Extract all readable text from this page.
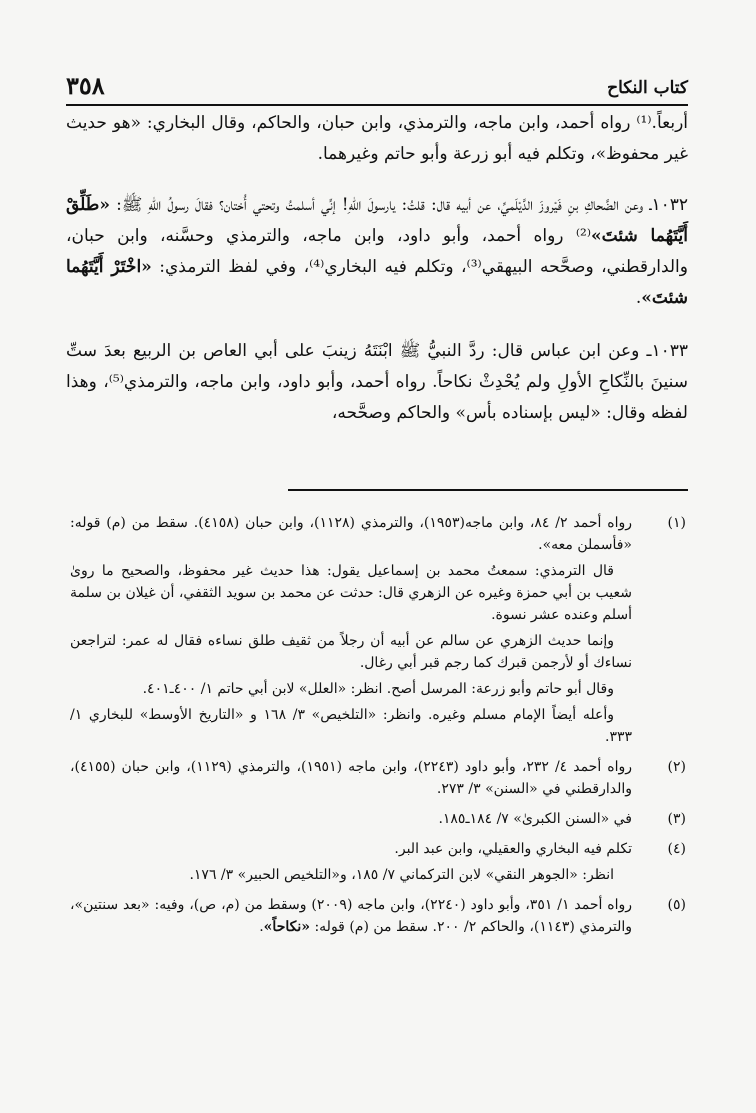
كتاب النكاح
٣٥٨

أربعاً.⁽¹⁾ رواه أحمد، وابن ماجه، والترمذي، وابن حبان، والحاكم، وقال البخاري: «هو حديث غير محفوظ»، وتكلم فيه أبو زرعة وأبو حاتم وغيرهما.

١٠٣٢ـ وعن الضَّحاكِ بنِ فَيْروزَ الدَّيْلَميِّ، عن أبيه قال: قلتُ: يارسولَ اللهِ! إنِّي أسلمتُ وتحتي أُختان؟ فقالَ رسولُ اللهِ ﷺ: «طَلِّقْ أَيَّتَهُما شئتَ»⁽²⁾ رواه أحمد، وأبو داود، وابن ماجه، والترمذي وحسَّنه، وابن حبان، والدارقطني، وصحَّحه البيهقي⁽³⁾، وتكلم فيه البخاري⁽⁴⁾، وفي لفظ الترمذي: «اخْتَرْ أَيَّتَهُما شئتَ».

١٠٣٣ـ وعن ابن عباس قال: ردَّ النبيُّ ﷺ ابْنَتَهُ زينبَ على أبي العاص بن الربيع بعدَ ستِّ سنينَ بالنِّكاحِ الأولِ ولم يُحْدِثْ نكاحاً. رواه أحمد، وأبو داود، وابن ماجه، والترمذي⁽⁵⁾، وهذا لفظه وقال: «ليس بإسناده بأس» والحاكم وصحَّحه،

(١)

رواه أحمد ٢/ ٨٤، وابن ماجه(١٩٥٣)، والترمذي (١١٢٨)، وابن حبان (٤١٥٨). سقط من (م) قوله: «فأسملن معه».

قال الترمذي: سمعتُ محمد بن إسماعيل يقول: هذا حديث غير محفوظ، والصحيح ما روىٰ شعيب بن أبي حمزة وغيره عن الزهري قال: حدثت عن محمد بن سويد الثقفي، أن غيلان بن سلمة أسلم وعنده عشر نسوة.

وإنما حديث الزهري عن سالم عن أبيه أن رجلاً من ثقيف طلق نساءه فقال له عمر: لتراجعن نساءك أو لأرجمن قبرك كما رجم قبر أبي رغال.

وقال أبو حاتم وأبو زرعة: المرسل أصح. انظر: «العلل» لابن أبي حاتم ١/ ٤٠٠ـ٤٠١.

وأعله أيضاً الإمام مسلم وغيره. وانظر: «التلخيص» ٣/ ١٦٨ و «التاريخ الأوسط» للبخاري ١/ ٣٣٣.

(٢)

رواه أحمد ٤/ ٢٣٢، وأبو داود (٢٢٤٣)، وابن ماجه (١٩٥١)، والترمذي (١١٢٩)، وابن حبان (٤١٥٥)، والدارقطني في «السنن» ٣/ ٢٧٣.

(٣)

في «السنن الكبرىٰ» ٧/ ١٨٤ـ١٨٥.

(٤)

تكلم فيه البخاري والعقيلي، وابن عبد البر.

انظر: «الجوهر النقي» لابن التركماني ٧/ ١٨٥، و«التلخيص الحبير» ٣/ ١٧٦.

(٥)

رواه أحمد ١/ ٣٥١، وأبو داود (٢٢٤٠)، وابن ماجه (٢٠٠٩) وسقط من (م، ص)، وفيه: «بعد سنتين»، والترمذي (١١٤٣)، والحاكم ٢/ ٢٠٠. سقط من (م) قوله: «نكاحاً».
